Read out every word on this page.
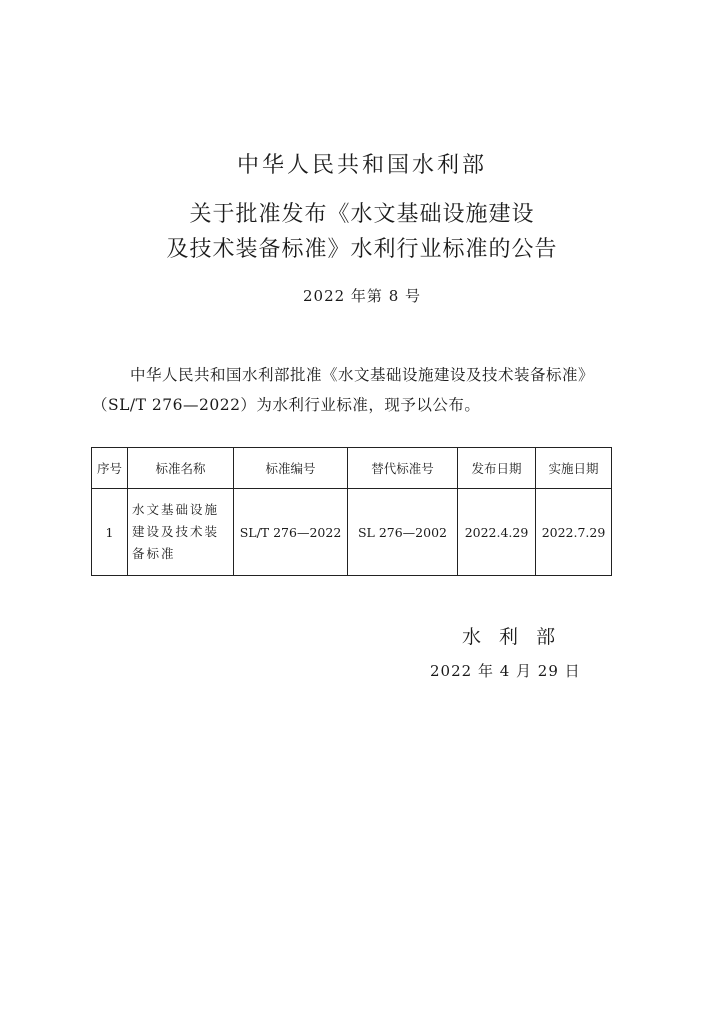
中华人民共和国水利部
关于批准发布《水文基础设施建设
及技术装备标准》水利行业标准的公告
2022 年第 8 号
中华人民共和国水利部批准《水文基础设施建设及技术装备标准》（SL/T 276—2022）为水利行业标准，现予以公布。
序号	标准名称	标准编号	替代标准号	发布日期	实施日期
1	水文基础设施建设及技术装备标准	SL/T 276—2022	SL 276—2002	2022.4.29	2022.7.29
水 利 部
2022 年 4 月 29 日
